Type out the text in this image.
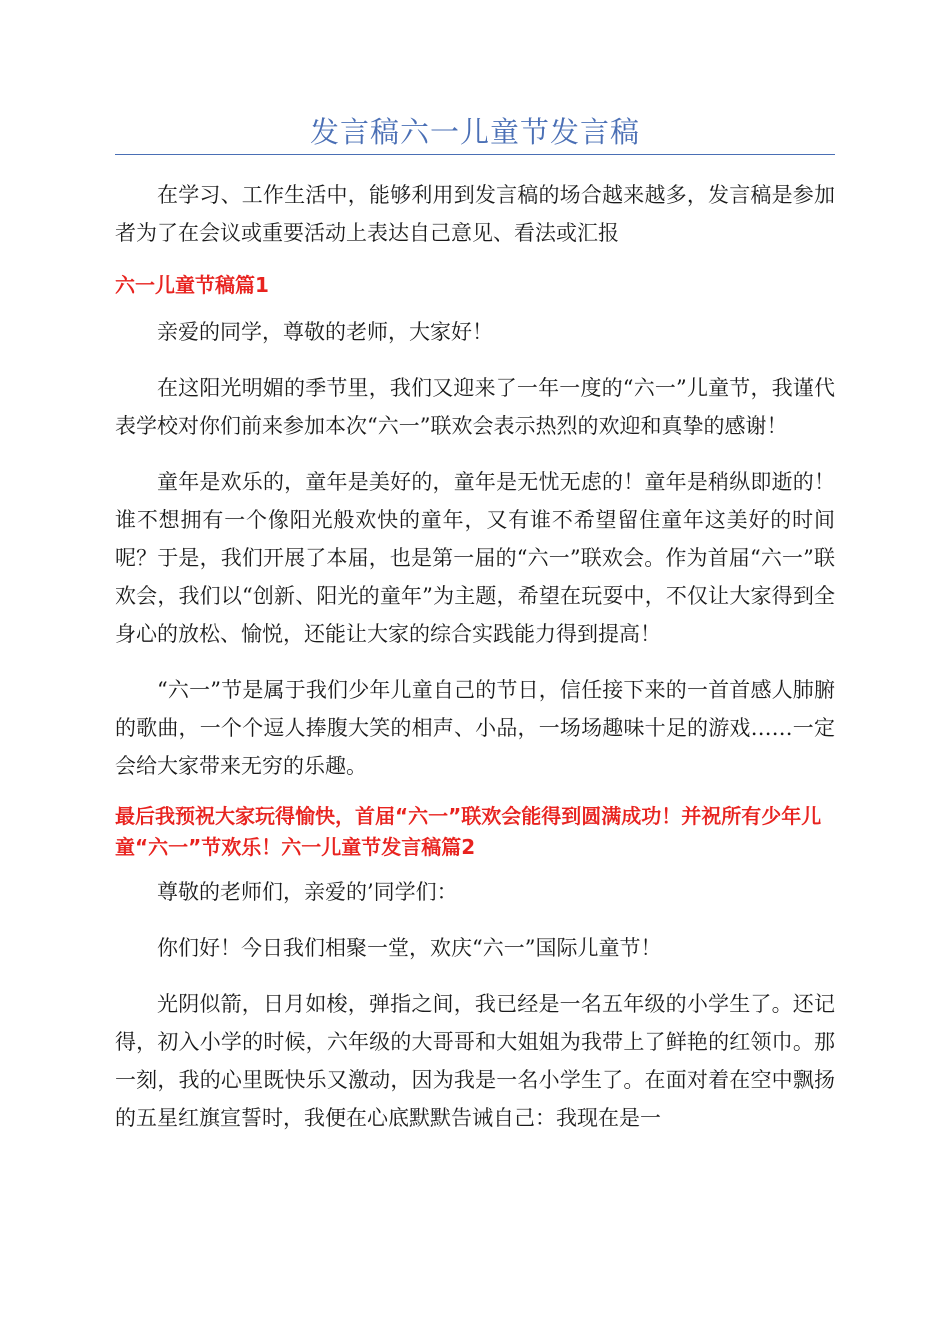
发言稿六一儿童节发言稿

在学习、工作生活中，能够利用到发言稿的场合越来越多，发言稿是参加者为了在会议或重要活动上表达自己意见、看法或汇报

六一儿童节稿篇1

亲爱的同学，尊敬的老师，大家好！

在这阳光明媚的季节里，我们又迎来了一年一度的“六一”儿童节，我谨代表学校对你们前来参加本次“六一”联欢会表示热烈的欢迎和真挚的感谢！

童年是欢乐的，童年是美好的，童年是无忧无虑的！童年是稍纵即逝的！谁不想拥有一个像阳光般欢快的童年，又有谁不希望留住童年这美好的时间呢？于是，我们开展了本届，也是第一届的“六一”联欢会。作为首届“六一”联欢会，我们以“创新、阳光的童年”为主题，希望在玩耍中，不仅让大家得到全身心的放松、愉悦，还能让大家的综合实践能力得到提高！

“六一”节是属于我们少年儿童自己的节日，信任接下来的一首首感人肺腑的歌曲，一个个逗人捧腹大笑的相声、小品，一场场趣味十足的游戏……一定会给大家带来无穷的乐趣。

最后我预祝大家玩得愉快，首届“六一”联欢会能得到圆满成功！并祝所有少年儿童“六一”节欢乐！六一儿童节发言稿篇2

尊敬的老师们，亲爱的’同学们：

你们好！今日我们相聚一堂，欢庆“六一”国际儿童节！

光阴似箭，日月如梭，弹指之间，我已经是一名五年级的小学生了。还记得，初入小学的时候，六年级的大哥哥和大姐姐为我带上了鲜艳的红领巾。那一刻，我的心里既快乐又激动，因为我是一名小学生了。在面对着在空中飘扬的五星红旗宣誓时，我便在心底默默告诫自己：我现在是一
